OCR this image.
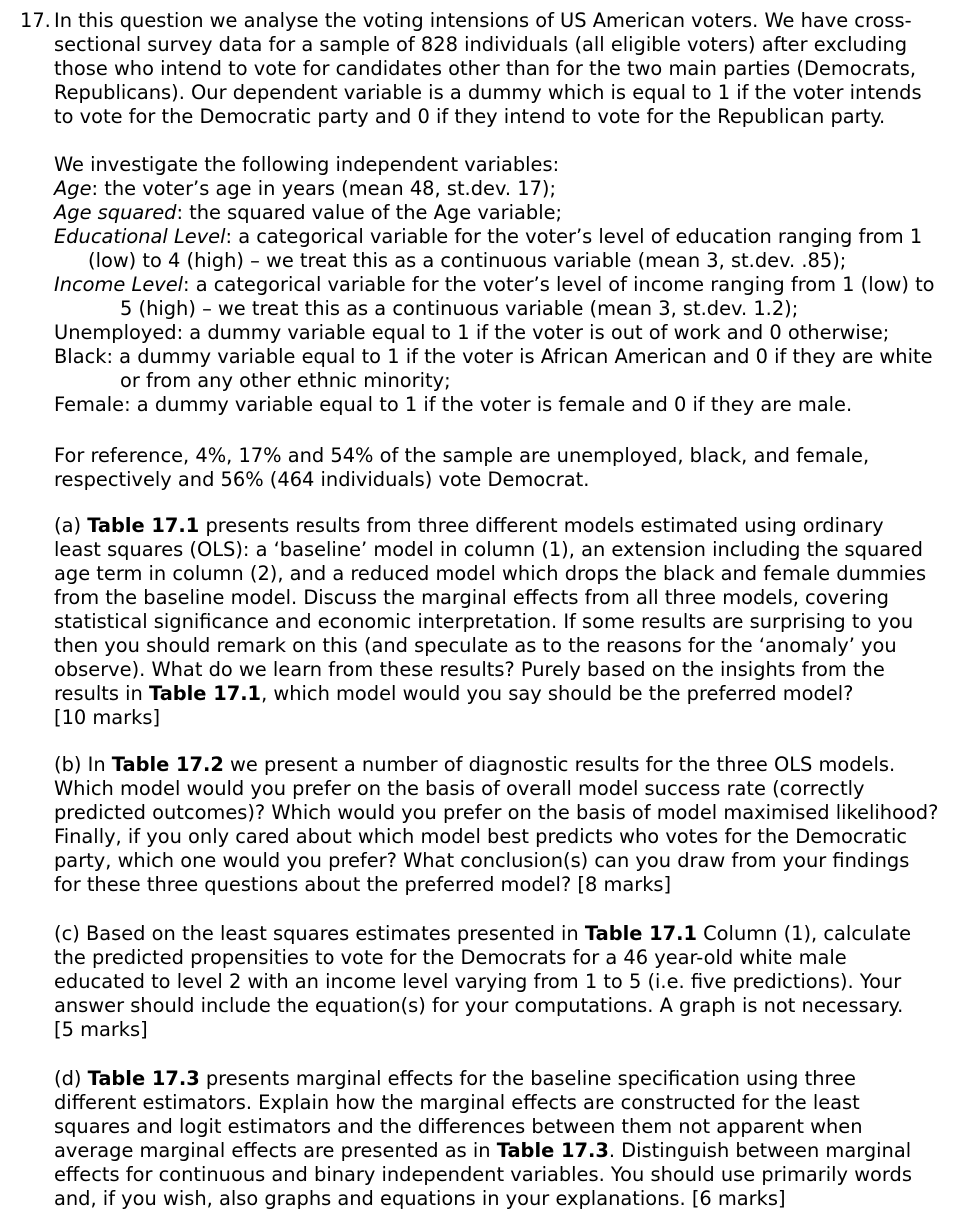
17. In this question we analyse the voting intensions of US American voters. We have cross-
sectional survey data for a sample of 828 individuals (all eligible voters) after excluding
those who intend to vote for candidates other than for the two main parties (Democrats,
Republicans). Our dependent variable is a dummy which is equal to 1 if the voter intends
to vote for the Democratic party and 0 if they intend to vote for the Republican party.
We investigate the following independent variables:
Age: the voter’s age in years (mean 48, st.dev. 17);
Age squared: the squared value of the Age variable;
Educational Level: a categorical variable for the voter’s level of education ranging from 1
(low) to 4 (high) – we treat this as a continuous variable (mean 3, st.dev. .85);
Income Level: a categorical variable for the voter’s level of income ranging from 1 (low) to
5 (high) – we treat this as a continuous variable (mean 3, st.dev. 1.2);
Unemployed: a dummy variable equal to 1 if the voter is out of work and 0 otherwise;
Black: a dummy variable equal to 1 if the voter is African American and 0 if they are white
or from any other ethnic minority;
Female: a dummy variable equal to 1 if the voter is female and 0 if they are male.
For reference, 4%, 17% and 54% of the sample are unemployed, black, and female,
respectively and 56% (464 individuals) vote Democrat.
(a) Table 17.1 presents results from three different models estimated using ordinary
least squares (OLS): a ‘baseline’ model in column (1), an extension including the squared
age term in column (2), and a reduced model which drops the black and female dummies
from the baseline model. Discuss the marginal effects from all three models, covering
statistical significance and economic interpretation. If some results are surprising to you
then you should remark on this (and speculate as to the reasons for the ‘anomaly’ you
observe). What do we learn from these results? Purely based on the insights from the
results in Table 17.1, which model would you say should be the preferred model?
[10 marks]
(b) In Table 17.2 we present a number of diagnostic results for the three OLS models.
Which model would you prefer on the basis of overall model success rate (correctly
predicted outcomes)? Which would you prefer on the basis of model maximised likelihood?
Finally, if you only cared about which model best predicts who votes for the Democratic
party, which one would you prefer? What conclusion(s) can you draw from your findings
for these three questions about the preferred model? [8 marks]
(c) Based on the least squares estimates presented in Table 17.1 Column (1), calculate
the predicted propensities to vote for the Democrats for a 46 year-old white male
educated to level 2 with an income level varying from 1 to 5 (i.e. five predictions). Your
answer should include the equation(s) for your computations. A graph is not necessary.
[5 marks]
(d) Table 17.3 presents marginal effects for the baseline specification using three
different estimators. Explain how the marginal effects are constructed for the least
squares and logit estimators and the differences between them not apparent when
average marginal effects are presented as in Table 17.3. Distinguish between marginal
effects for continuous and binary independent variables. You should use primarily words
and, if you wish, also graphs and equations in your explanations. [6 marks]
